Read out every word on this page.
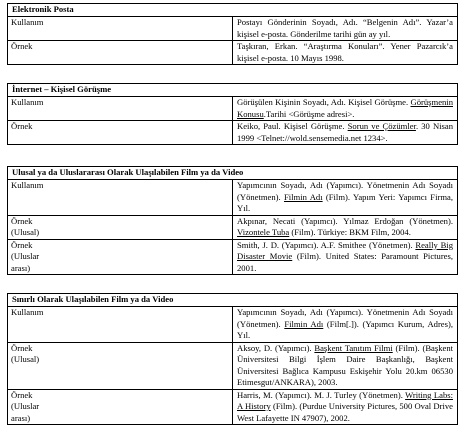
Elektronik Posta	

Kullanım	Postayı Gönderinin Soyadı, Adı. “Belgenin Adı”. Yazar’a kişisel e-posta. Gönderilme tarihi gün ay yıl.

Örnek	Taşkıran, Erkan. “Araştırma Konuları”. Yener Pazarcık’a kişisel e-posta. 10 Mayıs 1998.
İnternet – Kişisel Görüşme	

Kullanım	Görüşülen Kişinin Soyadı, Adı. Kişisel Görüşme. Görüşmenin Konusu.Tarihi <Görüşme adresi>.

Örnek	Keiko, Paul. Kişisel Görüşme. Sorun ve Çözümler. 30 Nisan 1999 <Telnet://wold.sensemedia.net 1234>.
Ulusal ya da Uluslararası Olarak Ulaşılabilen Film ya da Video	

Kullanım	Yapımcının Soyadı, Adı (Yapımcı). Yönetmenin Adı Soyadı (Yönetmen). Filmin Adı (Film). Yapım Yeri: Yapımcı Firma, Yıl.

Örnek
(Ulusal)	Akpınar, Necati (Yapımcı). Yılmaz Erdoğan (Yönetmen). Vizontele Tuba (Film). Türkiye: BKM Film, 2004.

Örnek
(Uluslar
arası)	Smith, J. D. (Yapımcı). A.F. Smithee (Yönetmen). Really Big Disaster Movie (Film). United States: Paramount Pictures, 2001.
Sınırlı Olarak Ulaşılabilen Film ya da Video	

Kullanım	Yapımcının Soyadı, Adı (Yapımcı). Yönetmenin Adı Soyadı (Yönetmen). Filmin Adı (Film[.]). (Yapımcı Kurum, Adres), Yıl.

Örnek
(Ulusal)	Aksoy, D. (Yapımcı). Başkent Tanıtım Filmi (Film). (Başkent Üniversitesi Bilgi İşlem Daire Başkanlığı, Başkent Üniversitesi Bağlıca Kampusu Eskişehir Yolu 20.km 06530 Etimesgut/ANKARA), 2003.

Örnek
(Uluslar
arası)	Harris, M. (Yapımcı). M. J. Turley (Yönetmen). Writing Labs: A History (Film). (Purdue University Pictures, 500 Oval Drive West Lafayette IN 47907), 2002.
